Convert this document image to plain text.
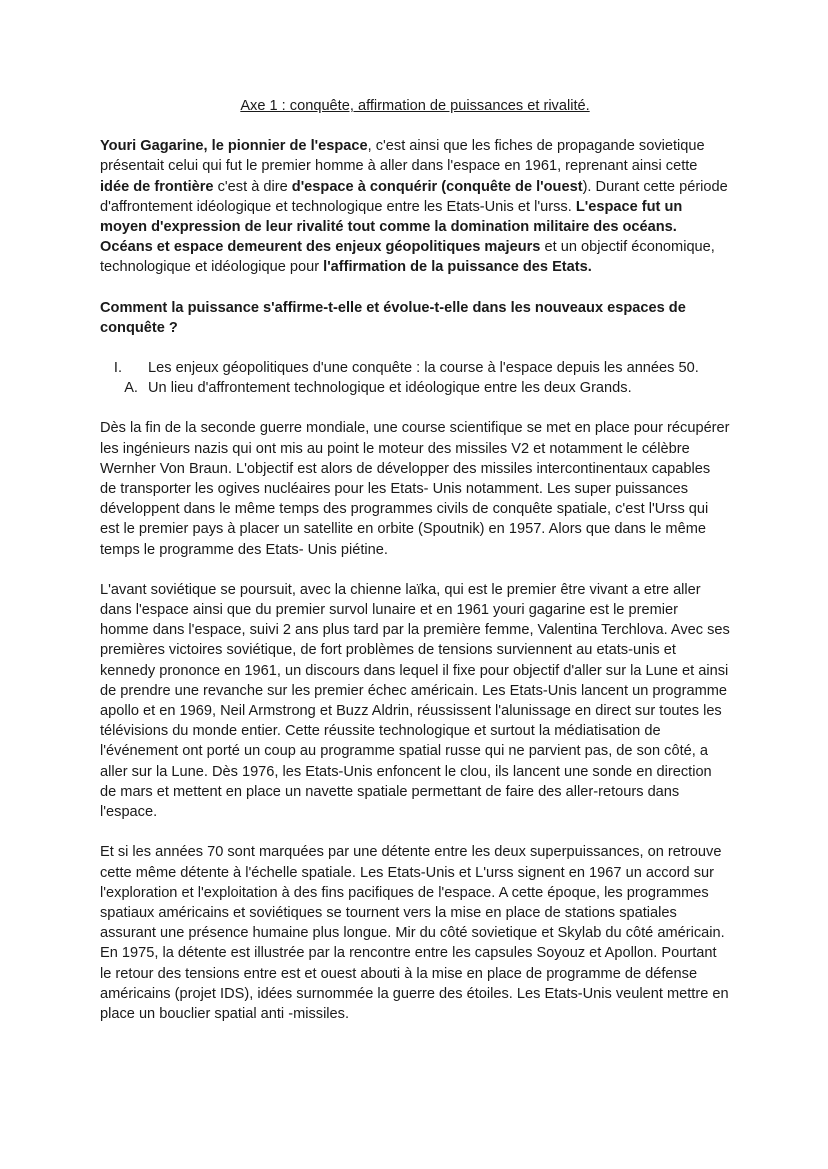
Axe 1 : conquête, affirmation de puissances et rivalité.

Youri Gagarine, le pionnier de l'espace, c'est ainsi que les fiches de propagande sovietique présentait celui qui fut le premier homme à aller dans l'espace en 1961, reprenant ainsi cette idée de frontière c'est à dire d'espace à conquérir (conquête de l'ouest). Durant cette période d'affrontement idéologique et technologique entre les Etats-Unis et l'urss. L'espace fut un moyen d'expression de leur rivalité tout comme la domination militaire des océans. Océans et espace demeurent des enjeux géopolitiques majeurs et un objectif économique, technologique et idéologique pour l'affirmation de la puissance des Etats.

Comment la puissance s'affirme-t-elle et évolue-t-elle dans les nouveaux espaces de conquête ?
I.	Les enjeux géopolitiques d'une conquête : la course à l'espace depuis les années 50.
A. Un lieu d'affrontement technologique et idéologique entre les deux Grands.

Dès la fin de la seconde guerre mondiale, une course scientifique se met en place pour récupérer les ingénieurs nazis qui ont mis au point le moteur des missiles V2 et notamment le célèbre Wernher Von Braun. L'objectif est alors de développer des missiles intercontinentaux capables de transporter les ogives nucléaires pour les Etats- Unis notamment. Les super puissances développent dans le même temps des programmes civils de conquête spatiale, c'est l'Urss qui est le premier pays à placer un satellite en orbite (Spoutnik) en 1957. Alors que dans le même temps le programme des Etats- Unis piétine.

L'avant soviétique se poursuit, avec la chienne laïka, qui est le premier être vivant a etre aller dans l'espace ainsi que du premier survol lunaire et en 1961 youri gagarine est le premier homme dans l'espace, suivi 2 ans plus tard par la première femme, Valentina Terchlova. Avec ses premières victoires soviétique, de fort problèmes de tensions surviennent au etats-unis et kennedy prononce en 1961, un discours dans lequel il fixe pour objectif d'aller sur la Lune et ainsi de prendre une revanche sur les premier échec américain. Les Etats-Unis lancent un programme apollo et en 1969, Neil Armstrong et Buzz Aldrin, réussissent l'alunissage en direct sur toutes les télévisions du monde entier. Cette réussite technologique et surtout la médiatisation de l'événement ont porté un coup au programme spatial russe qui ne parvient pas, de son côté, a aller sur la Lune. Dès 1976, les Etats-Unis enfoncent le clou, ils lancent une sonde en direction de mars et mettent en place un navette spatiale permettant de faire des aller-retours dans l'espace.

Et si les années 70 sont marquées par une détente entre les deux superpuissances, on retrouve cette même détente à l'échelle spatiale. Les Etats-Unis et L'urss signent en 1967 un accord sur l'exploration et l'exploitation à des fins pacifiques de l'espace. A cette époque, les programmes spatiaux américains et soviétiques se tournent vers la mise en place de stations spatiales assurant une présence humaine plus longue. Mir du côté sovietique et Skylab du côté américain. En 1975, la détente est illustrée par la rencontre entre les capsules Soyouz et Apollon. Pourtant le retour des tensions entre est et ouest abouti à la mise en place de programme de défense américains (projet IDS), idées surnommée la guerre des étoiles. Les Etats-Unis veulent mettre en place un bouclier spatial anti -missiles.
